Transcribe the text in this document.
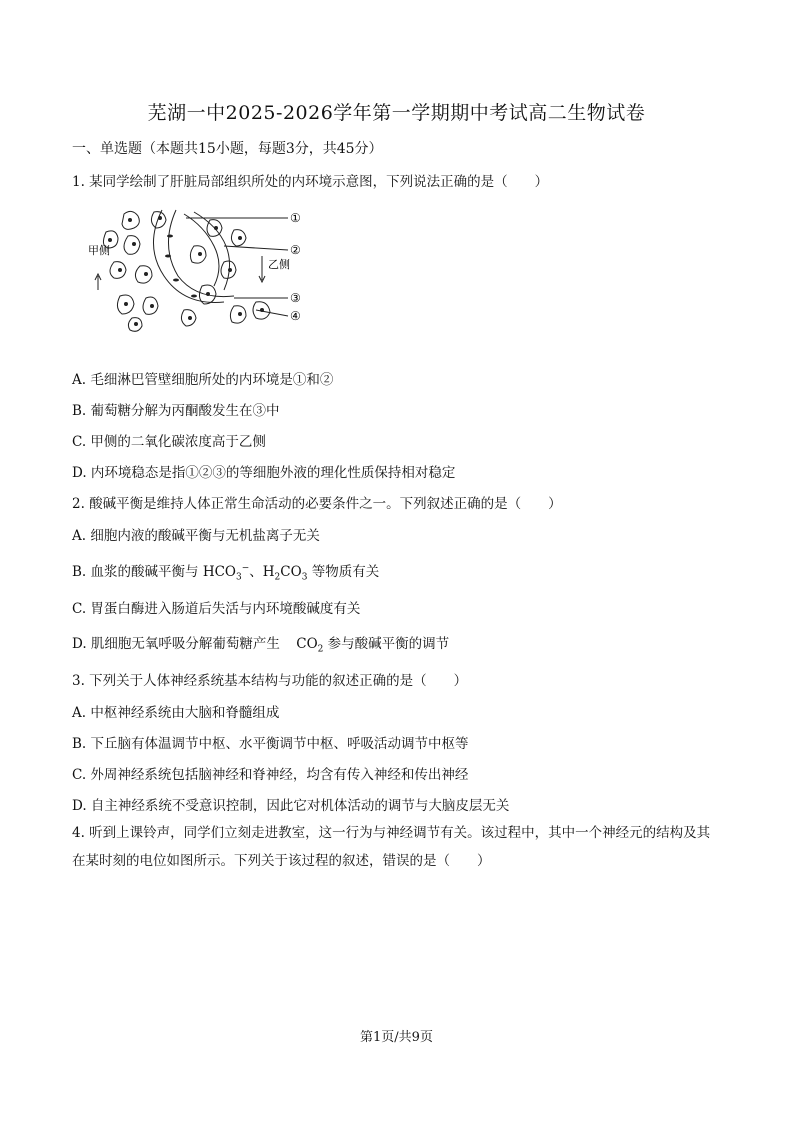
芜湖一中2025-2026学年第一学期期中考试高二生物试卷
一、单选题（本题共15小题，每题3分，共45分）
1. 某同学绘制了肝脏局部组织所处的内环境示意图，下列说法正确的是（　　）
甲侧
乙侧
①
②
③
④
A. 毛细淋巴管壁细胞所处的内环境是①和②
B. 葡萄糖分解为丙酮酸发生在③中
C. 甲侧的二氧化碳浓度高于乙侧
D. 内环境稳态是指①②③的等细胞外液的理化性质保持相对稳定
2. 酸碱平衡是维持人体正常生命活动的必要条件之一。下列叙述正确的是（　　）
A. 细胞内液的酸碱平衡与无机盐离子无关
B. 血浆的酸碱平衡与 $HCO_3^-$、$H_2CO_3$ 等物质有关
C. 胃蛋白酶进入肠道后失活与内环境酸碱度有关
D. 肌细胞无氧呼吸分解葡萄糖产生 $CO_2$ 参与酸碱平衡的调节
3. 下列关于人体神经系统基本结构与功能的叙述正确的是（　　）
A. 中枢神经系统由大脑和脊髓组成
B. 下丘脑有体温调节中枢、水平衡调节中枢、呼吸活动调节中枢等
C. 外周神经系统包括脑神经和脊神经，均含有传入神经和传出神经
D. 自主神经系统不受意识控制，因此它对机体活动的调节与大脑皮层无关
4. 听到上课铃声，同学们立刻走进教室，这一行为与神经调节有关。该过程中，其中一个神经元的结构及其在某时刻的电位如图所示。下列关于该过程的叙述，错误的是（　　）
第1页/共9页
